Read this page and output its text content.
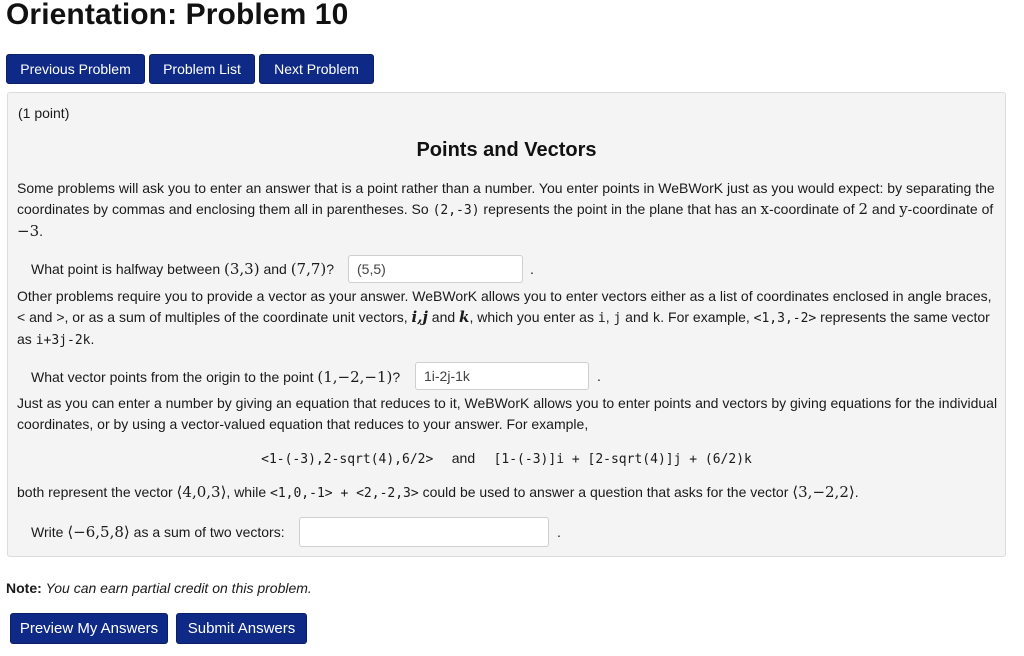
Orientation: Problem 10
Previous Problem	Problem List	Next Problem
(1 point)
Points and Vectors
Some problems will ask you to enter an answer that is a point rather than a number. You enter points in WeBWorK just as you would expect: by separating the coordinates by commas and enclosing them all in parentheses. So (2,-3) represents the point in the plane that has an x-coordinate of 2 and y-coordinate of −3.
What point is halfway between (3,3) and (7,7)?
(5,5)	.
Other problems require you to provide a vector as your answer. WeBWorK allows you to enter vectors either as a list of coordinates enclosed in angle braces, < and >, or as a sum of multiples of the coordinate unit vectors, i,j and k, which you enter as i, j and k. For example, <1,3,-2> represents the same vector as i+3j-2k.
What vector points from the origin to the point (1,−2,−1)?
1i-2j-1k	.
Just as you can enter a number by giving an equation that reduces to it, WeBWorK allows you to enter points and vectors by giving equations for the individual coordinates, or by using a vector-valued equation that reduces to your answer. For example,
<1-(-3),2-sqrt(4),6/2> and [1-(-3)]i + [2-sqrt(4)]j + (6/2)k
both represent the vector ⟨4,0,3⟩, while <1,0,-1> + <2,-2,3> could be used to answer a question that asks for the vector ⟨3,−2,2⟩.
Write ⟨−6,5,8⟩ as a sum of two vectors:	.
Note: You can earn partial credit on this problem.
Preview My Answers	Submit Answers
